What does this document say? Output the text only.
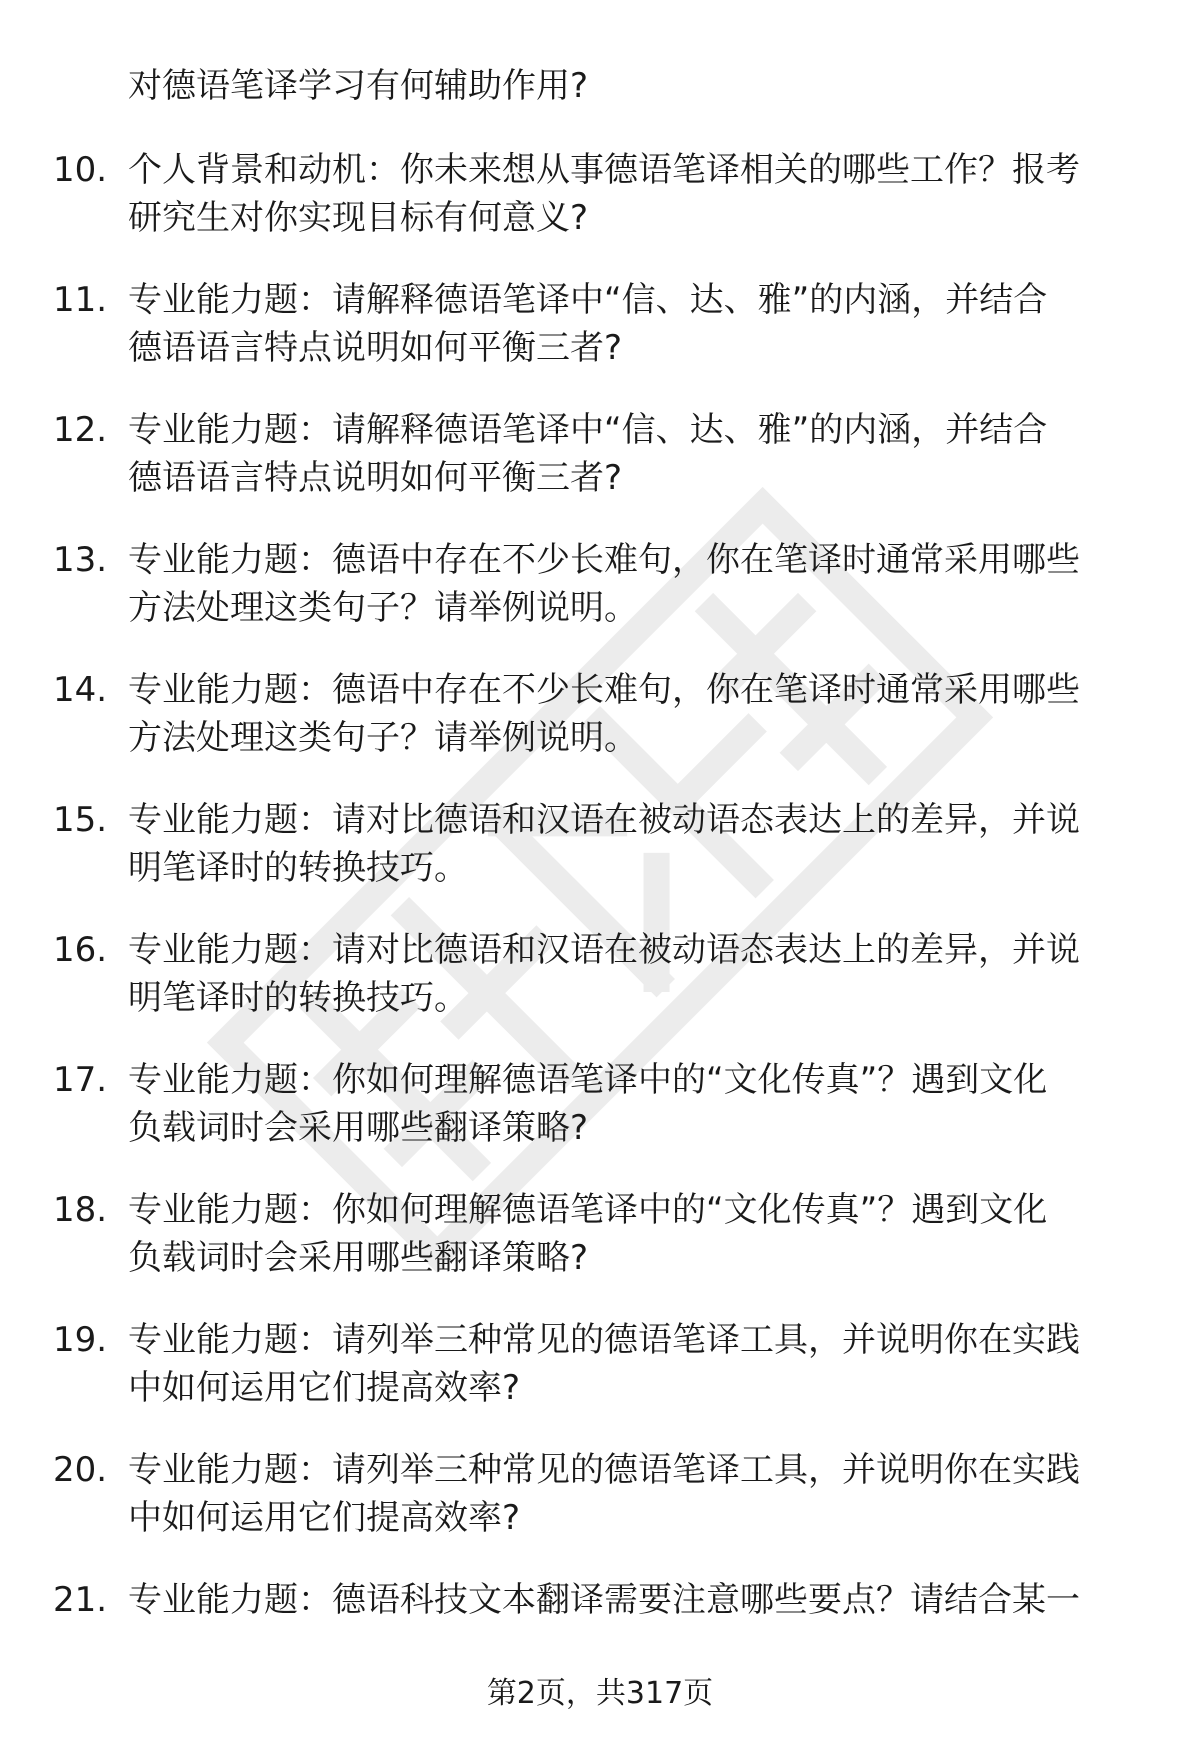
对德语笔译学习有何辅助作用?
10. 个人背景和动机：你未来想从事德语笔译相关的哪些工作？报考
研究生对你实现目标有何意义?
11. 专业能力题：请解释德语笔译中“信、达、雅”的内涵，并结合
德语语言特点说明如何平衡三者?
12. 专业能力题：请解释德语笔译中“信、达、雅”的内涵，并结合
德语语言特点说明如何平衡三者?
13. 专业能力题：德语中存在不少长难句，你在笔译时通常采用哪些
方法处理这类句子？请举例说明。
14. 专业能力题：德语中存在不少长难句，你在笔译时通常采用哪些
方法处理这类句子？请举例说明。
15. 专业能力题：请对比德语和汉语在被动语态表达上的差异，并说
明笔译时的转换技巧。
16. 专业能力题：请对比德语和汉语在被动语态表达上的差异，并说
明笔译时的转换技巧。
17. 专业能力题：你如何理解德语笔译中的“文化传真”？遇到文化
负载词时会采用哪些翻译策略?
18. 专业能力题：你如何理解德语笔译中的“文化传真”？遇到文化
负载词时会采用哪些翻译策略?
19. 专业能力题：请列举三种常见的德语笔译工具，并说明你在实践
中如何运用它们提高效率?
20. 专业能力题：请列举三种常见的德语笔译工具，并说明你在实践
中如何运用它们提高效率?
21. 专业能力题：德语科技文本翻译需要注意哪些要点？请结合某一
第2页，共317页
